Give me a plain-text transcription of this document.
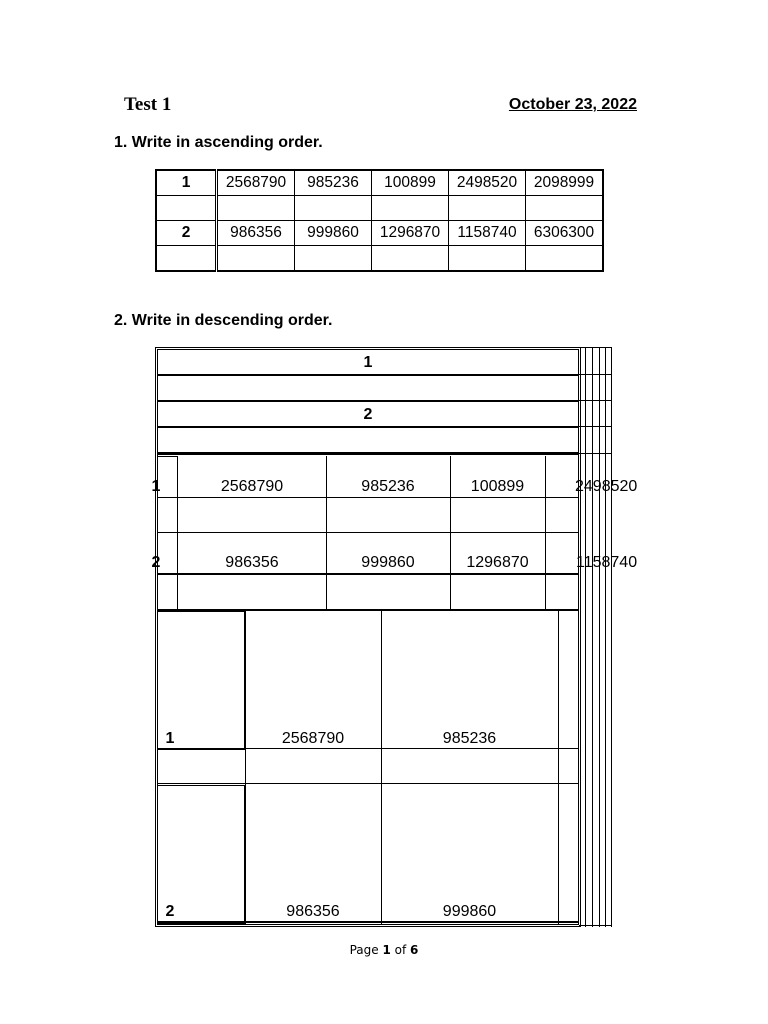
Test 1	October 23, 2022
1. Write in ascending order.
1	2568790	985236	100899	2498520	2098999

2	986356	999860	1296870	1158740	6306300

2. Write in descending order.
1
2
1	2568790	985236	100899	2498520
2	986356	999860	1296870	1158740
1	2568790	985236
2	986356	999860
Page 1 of 6
